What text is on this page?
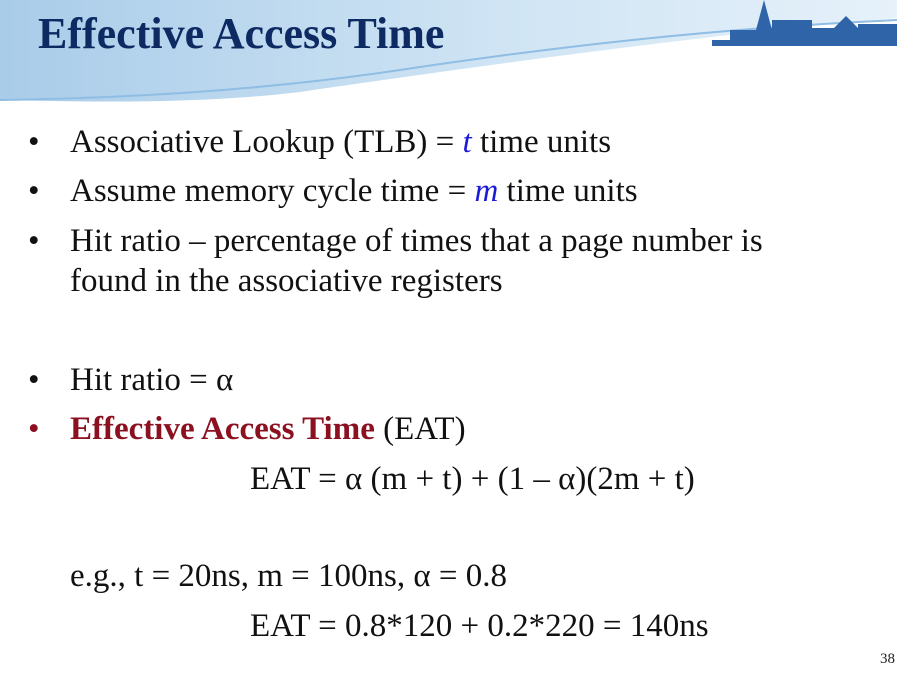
Effective Access Time
• Associative Lookup (TLB) = t time units
• Assume memory cycle time = m time units
• Hit ratio – percentage of times that a page number is
found in the associative registers
• Hit ratio = α
• Effective Access Time (EAT)
EAT = α (m + t) + (1 – α)(2m + t)
e.g., t = 20ns, m = 100ns, α = 0.8
EAT = 0.8*120 + 0.2*220 = 140ns
38
